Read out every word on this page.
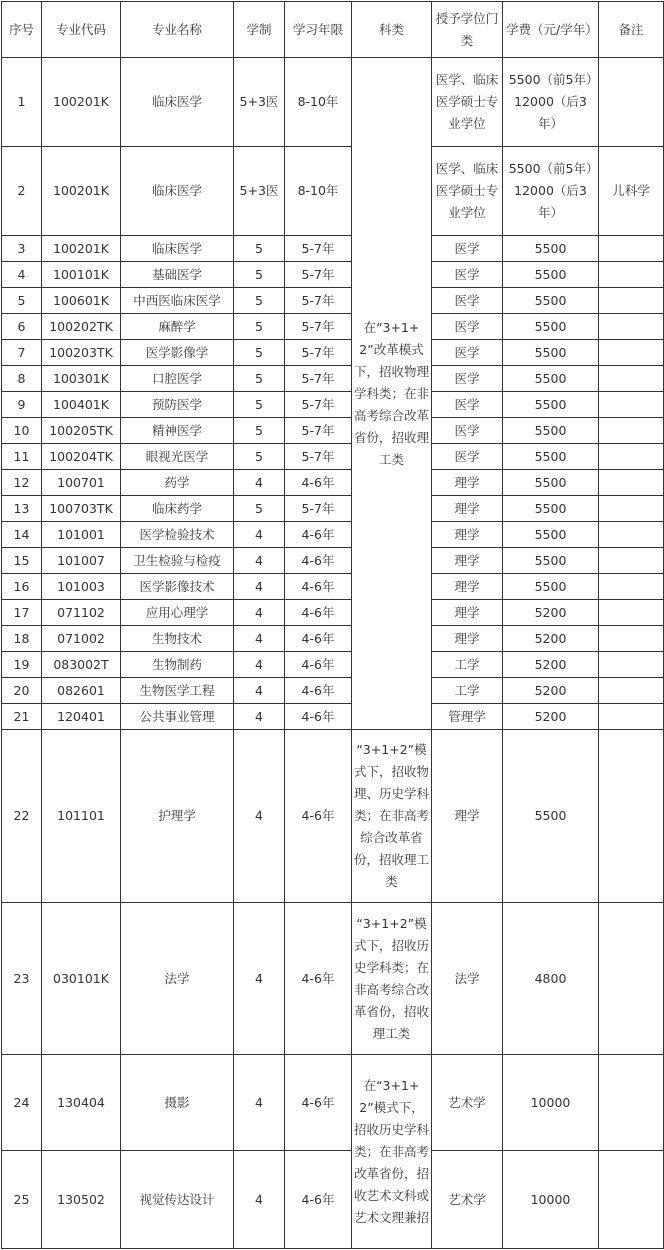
序号	专业代码	专业名称	学制	学习年限	科类	授予学位门类	学费（元/学年）	备注
1	100201K	临床医学	5+3医	8-10年	在“3+1+2”改革模式下，招收物理学科类；在非高考综合改革省份，招收理工类	医学、临床医学硕士专业学位	5500（前5年）12000（后3年）	
2	100201K	临床医学	5+3医	8-10年		医学、临床医学硕士专业学位	5500（前5年）12000（后3年）	儿科学
3	100201K	临床医学	5	5-7年		医学	5500	
4	100101K	基础医学	5	5-7年		医学	5500	
5	100601K	中西医临床医学	5	5-7年		医学	5500	
6	100202TK	麻醉学	5	5-7年		医学	5500	
7	100203TK	医学影像学	5	5-7年		医学	5500	
8	100301K	口腔医学	5	5-7年		医学	5500	
9	100401K	预防医学	5	5-7年		医学	5500	
10	100205TK	精神医学	5	5-7年		医学	5500	
11	100204TK	眼视光医学	5	5-7年		医学	5500	
12	100701	药学	4	4-6年		理学	5500	
13	100703TK	临床药学	5	5-7年		理学	5500	
14	101001	医学检验技术	4	4-6年		理学	5500	
15	101007	卫生检验与检疫	4	4-6年		理学	5500	
16	101003	医学影像技术	4	4-6年		理学	5500	
17	071102	应用心理学	4	4-6年		理学	5200	
18	071002	生物技术	4	4-6年		理学	5200	
19	083002T	生物制药	4	4-6年		工学	5200	
20	082601	生物医学工程	4	4-6年		工学	5200	
21	120401	公共事业管理	4	4-6年		管理学	5200	
22	101101	护理学	4	4-6年	“3+1+2”模式下，招收物理、历史学科类；在非高考综合改革省份，招收理工类	理学	5500	
23	030101K	法学	4	4-6年	“3+1+2”模式下，招收历史学科类；在非高考综合改革省份，招收理工类	法学	4800	
24	130404	摄影	4	4-6年	在“3+1+2”模式下，招收历史学科类；在非高考改革省份，招收艺术文科或艺术文理兼招	艺术学	10000	
25	130502	视觉传达设计	4	4-6年		艺术学	10000	
